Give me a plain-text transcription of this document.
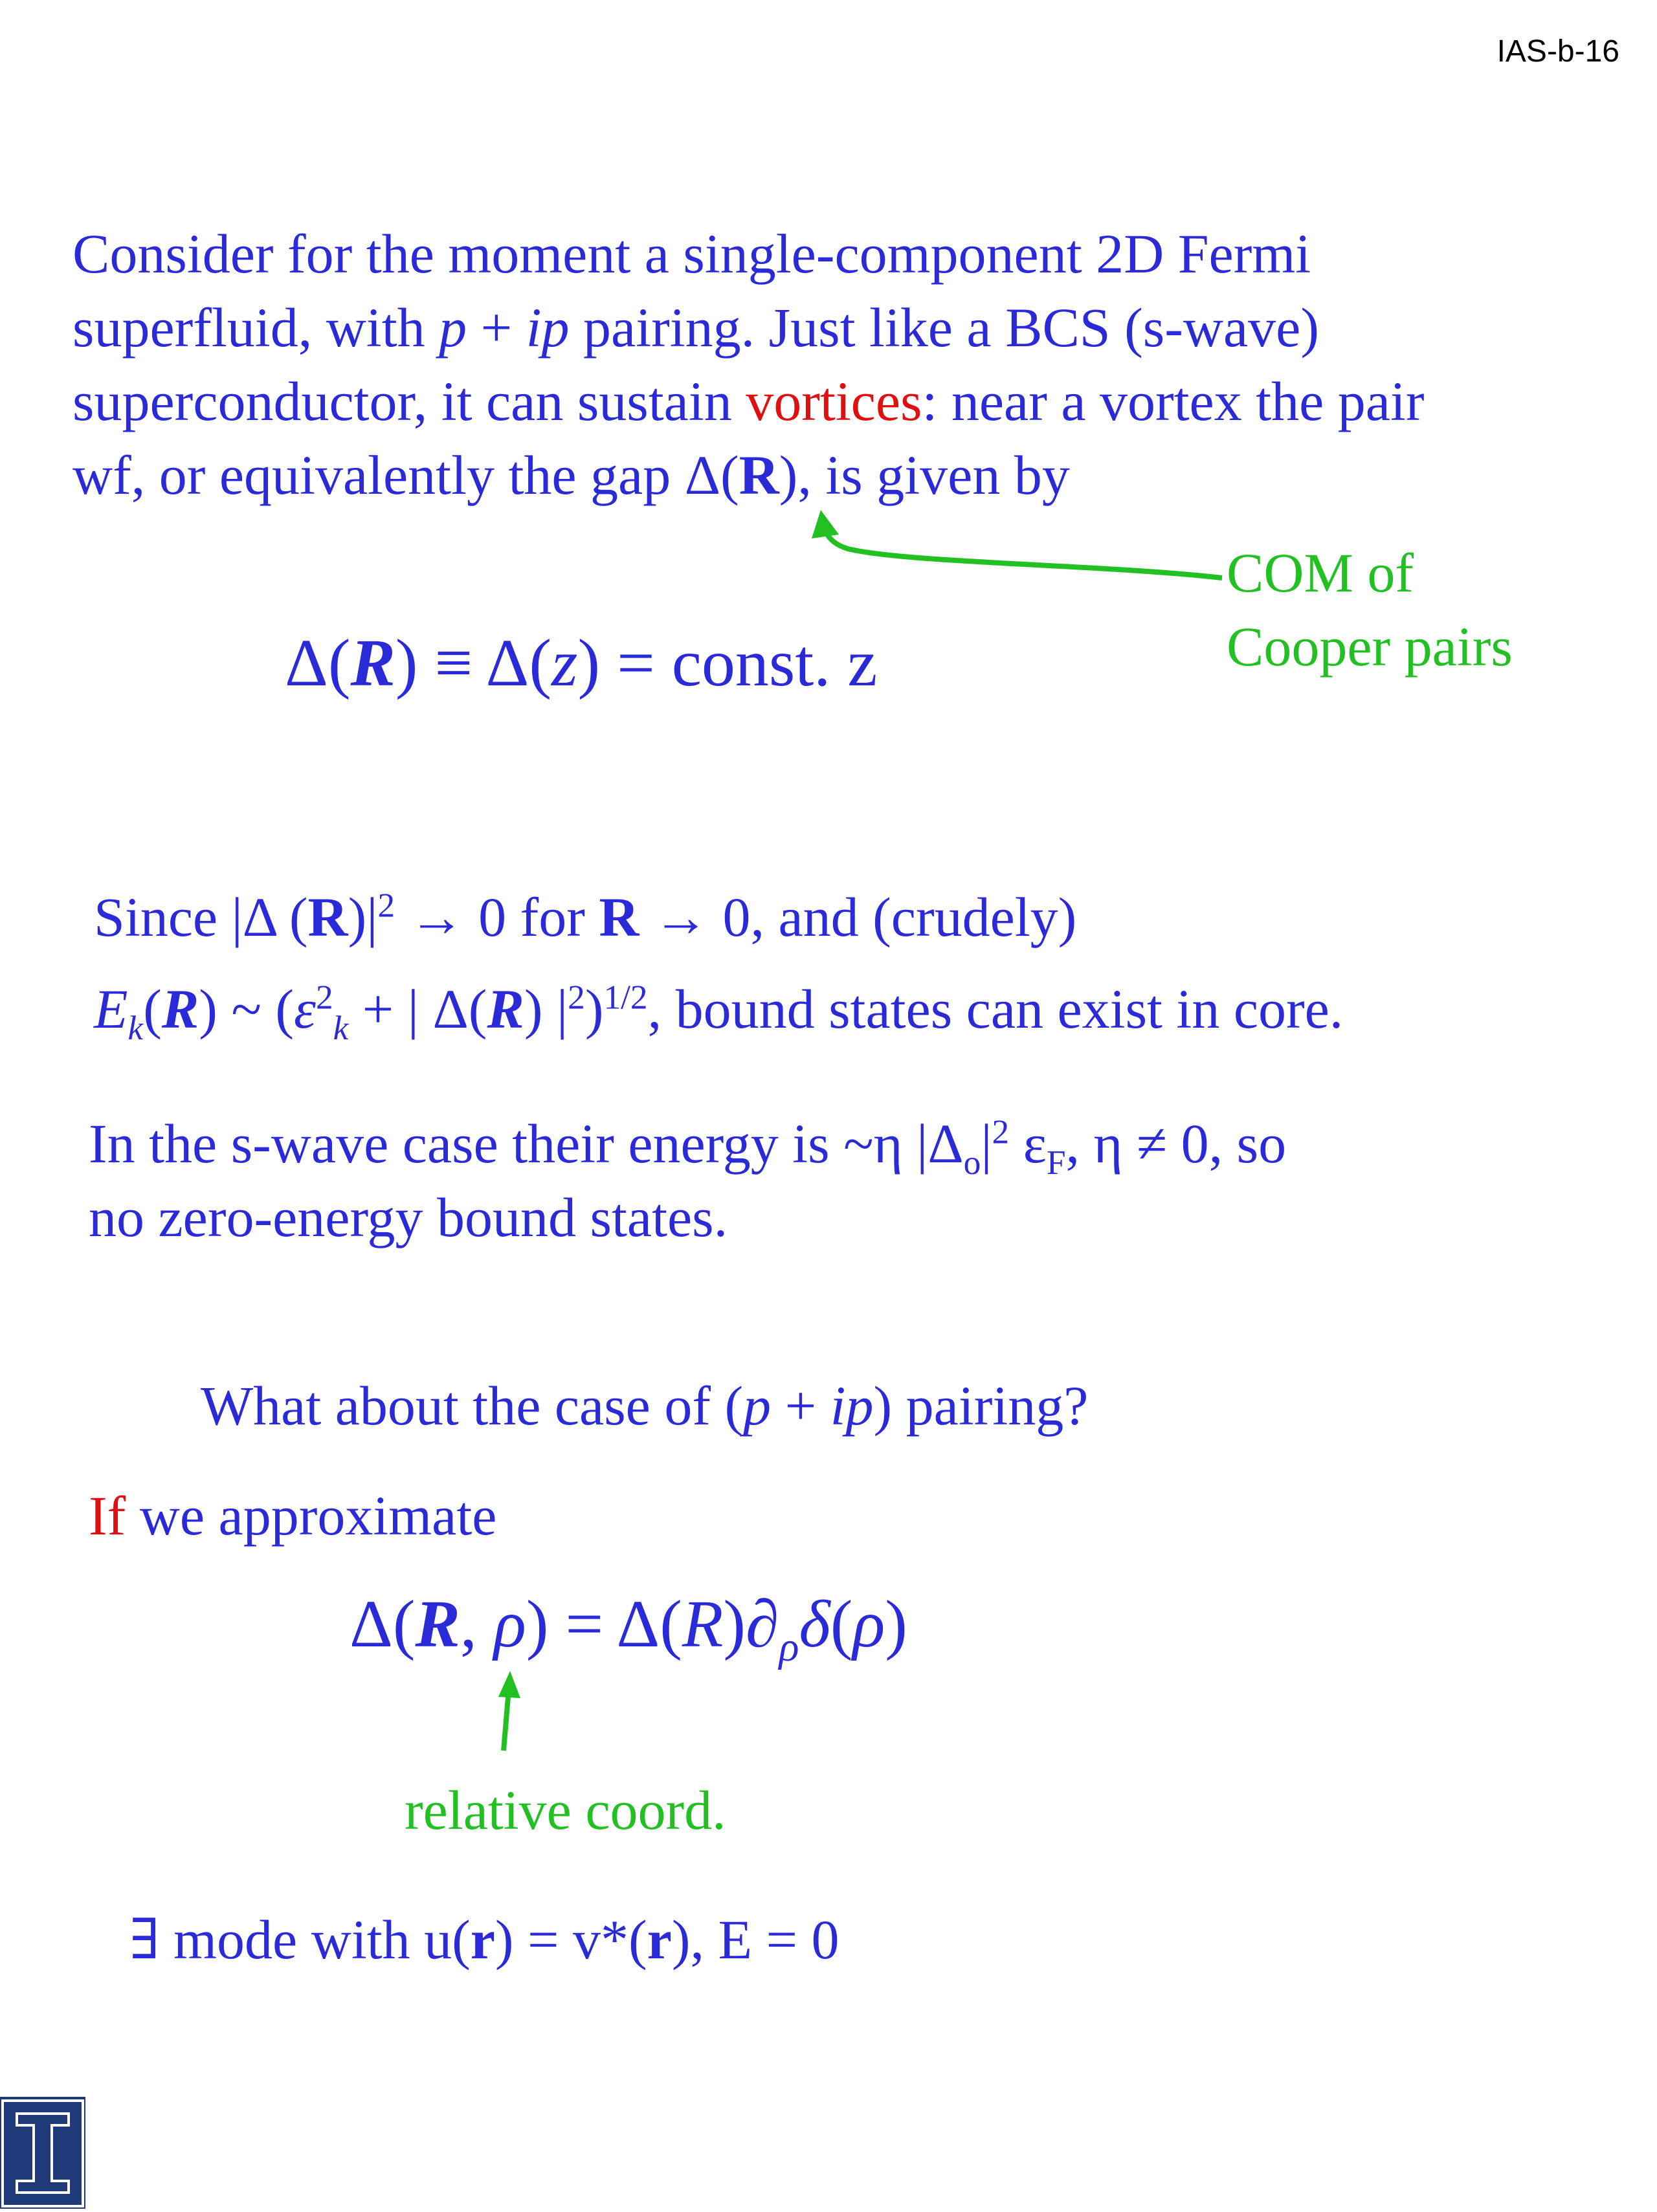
IAS-b-16
Consider for the moment a single-component 2D Fermi
superfluid, with p + ip pairing. Just like a BCS (s-wave)
superconductor, it can sustain vortices: near a vortex the pair
wf, or equivalently the gap Δ(R), is given by
COM of
Cooper pairs
Δ(R) ≡ Δ(z) = const. z
Since |Δ $(R)|^2 \to 0$ for R → 0, and (crudely)
$E_k(R)$ ~ ($\varepsilon^2_k$ + | Δ(R) $|^2)^{1/2}$, bound states can exist in core.
In the s-wave case their energy is ~η $|\Delta_o|^2$ $\varepsilon_F$, η ≠ 0, so
no zero-energy bound states.
What about the case of (p + ip) pairing?
If we approximate
Δ(R, $\rho) = \Delta(R)\partial_\rho\delta(\rho)$
relative coord.
∃ mode with u(r) = v*(r), E = 0
